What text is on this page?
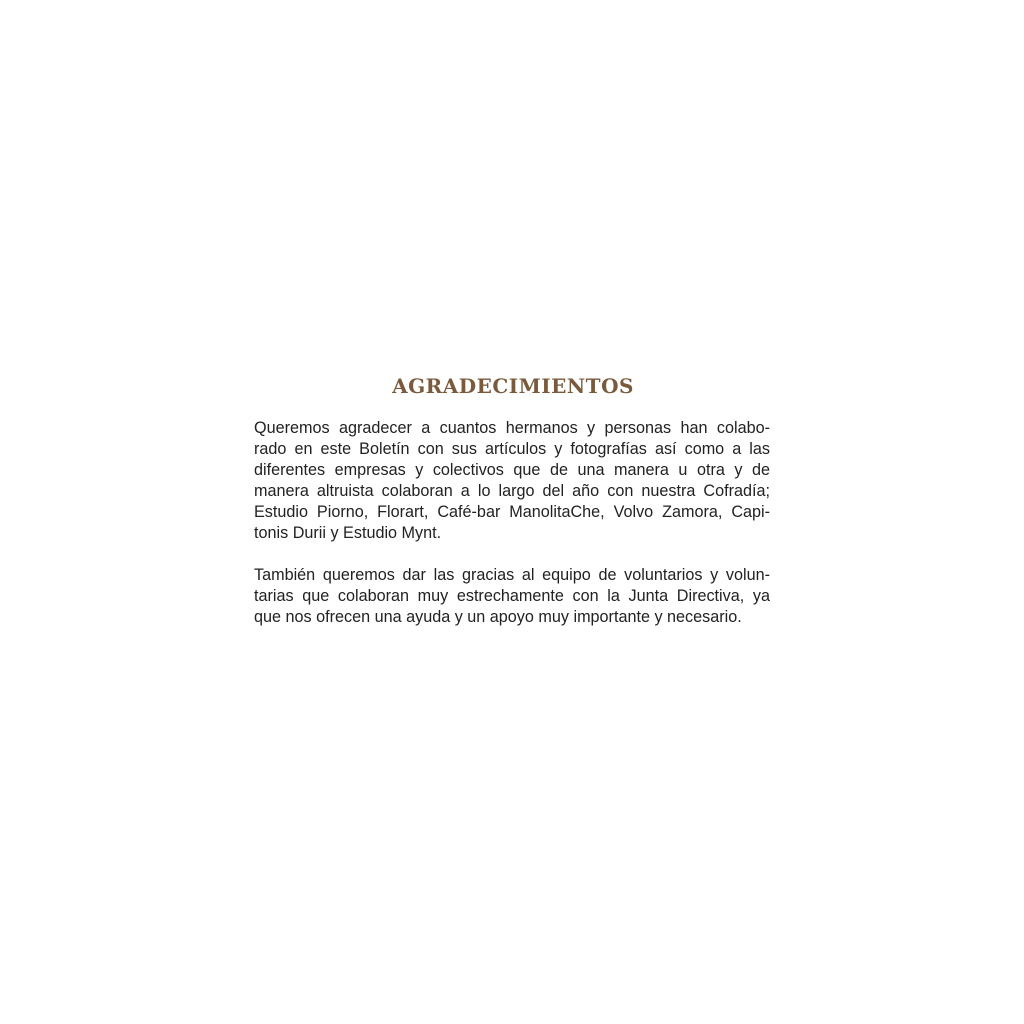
AGRADECIMIENTOS

Queremos agradecer a cuantos hermanos y personas han colabo-
rado en este Boletín con sus artículos y fotografías así como a las
diferentes empresas y colectivos que de una manera u otra y de
manera altruista colaboran a lo largo del año con nuestra Cofradía;
Estudio Piorno, Florart, Café-bar ManolitaChe, Volvo Zamora, Capi-
tonis Durii y Estudio Mynt.

También queremos dar las gracias al equipo de voluntarios y volun-
tarias que colaboran muy estrechamente con la Junta Directiva, ya
que nos ofrecen una ayuda y un apoyo muy importante y necesario.
